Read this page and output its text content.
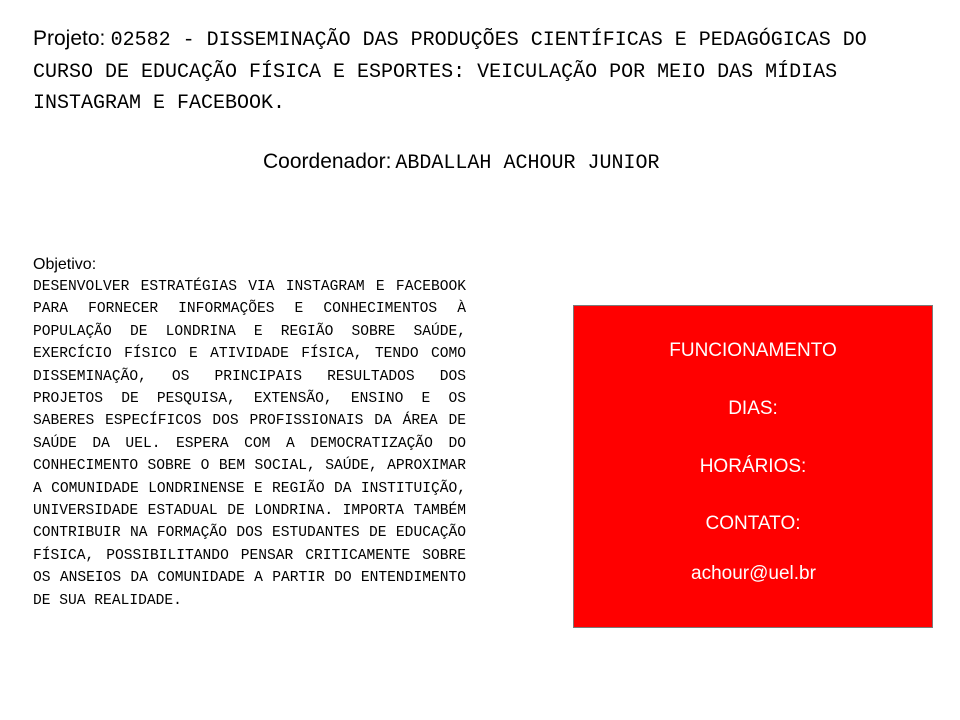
Projeto: 02582 - DISSEMINAÇÃO DAS PRODUÇÕES CIENTÍFICAS E PEDAGÓGICAS DO CURSO DE EDUCAÇÃO FÍSICA E ESPORTES: VEICULAÇÃO POR MEIO DAS MÍDIAS INSTAGRAM E FACEBOOK.
Coordenador: ABDALLAH ACHOUR JUNIOR
Objetivo:

DESENVOLVER ESTRATÉGIAS VIA INSTAGRAM E FACEBOOK PARA FORNECER INFORMAÇÕES E CONHECIMENTOS À POPULAÇÃO DE LONDRINA E REGIÃO SOBRE SAÚDE, EXERCÍCIO FÍSICO E ATIVIDADE FÍSICA, TENDO COMO DISSEMINAÇÃO, OS PRINCIPAIS RESULTADOS DOS PROJETOS DE PESQUISA, EXTENSÃO, ENSINO E OS SABERES ESPECÍFICOS DOS PROFISSIONAIS DA ÁREA DE SAÚDE DA UEL. ESPERA COM A DEMOCRATIZAÇÃO DO CONHECIMENTO SOBRE O BEM SOCIAL, SAÚDE, APROXIMAR A COMUNIDADE LONDRINENSE E REGIÃO DA INSTITUIÇÃO, UNIVERSIDADE ESTADUAL DE LONDRINA. IMPORTA TAMBÉM CONTRIBUIR NA FORMAÇÃO DOS ESTUDANTES DE EDUCAÇÃO FÍSICA, POSSIBILITANDO PENSAR CRITICAMENTE SOBRE OS ANSEIOS DA COMUNIDADE A PARTIR DO ENTENDIMENTO DE SUA REALIDADE.

FUNCIONAMENTO
DIAS:
HORÁRIOS:
CONTATO:
achour@uel.br
